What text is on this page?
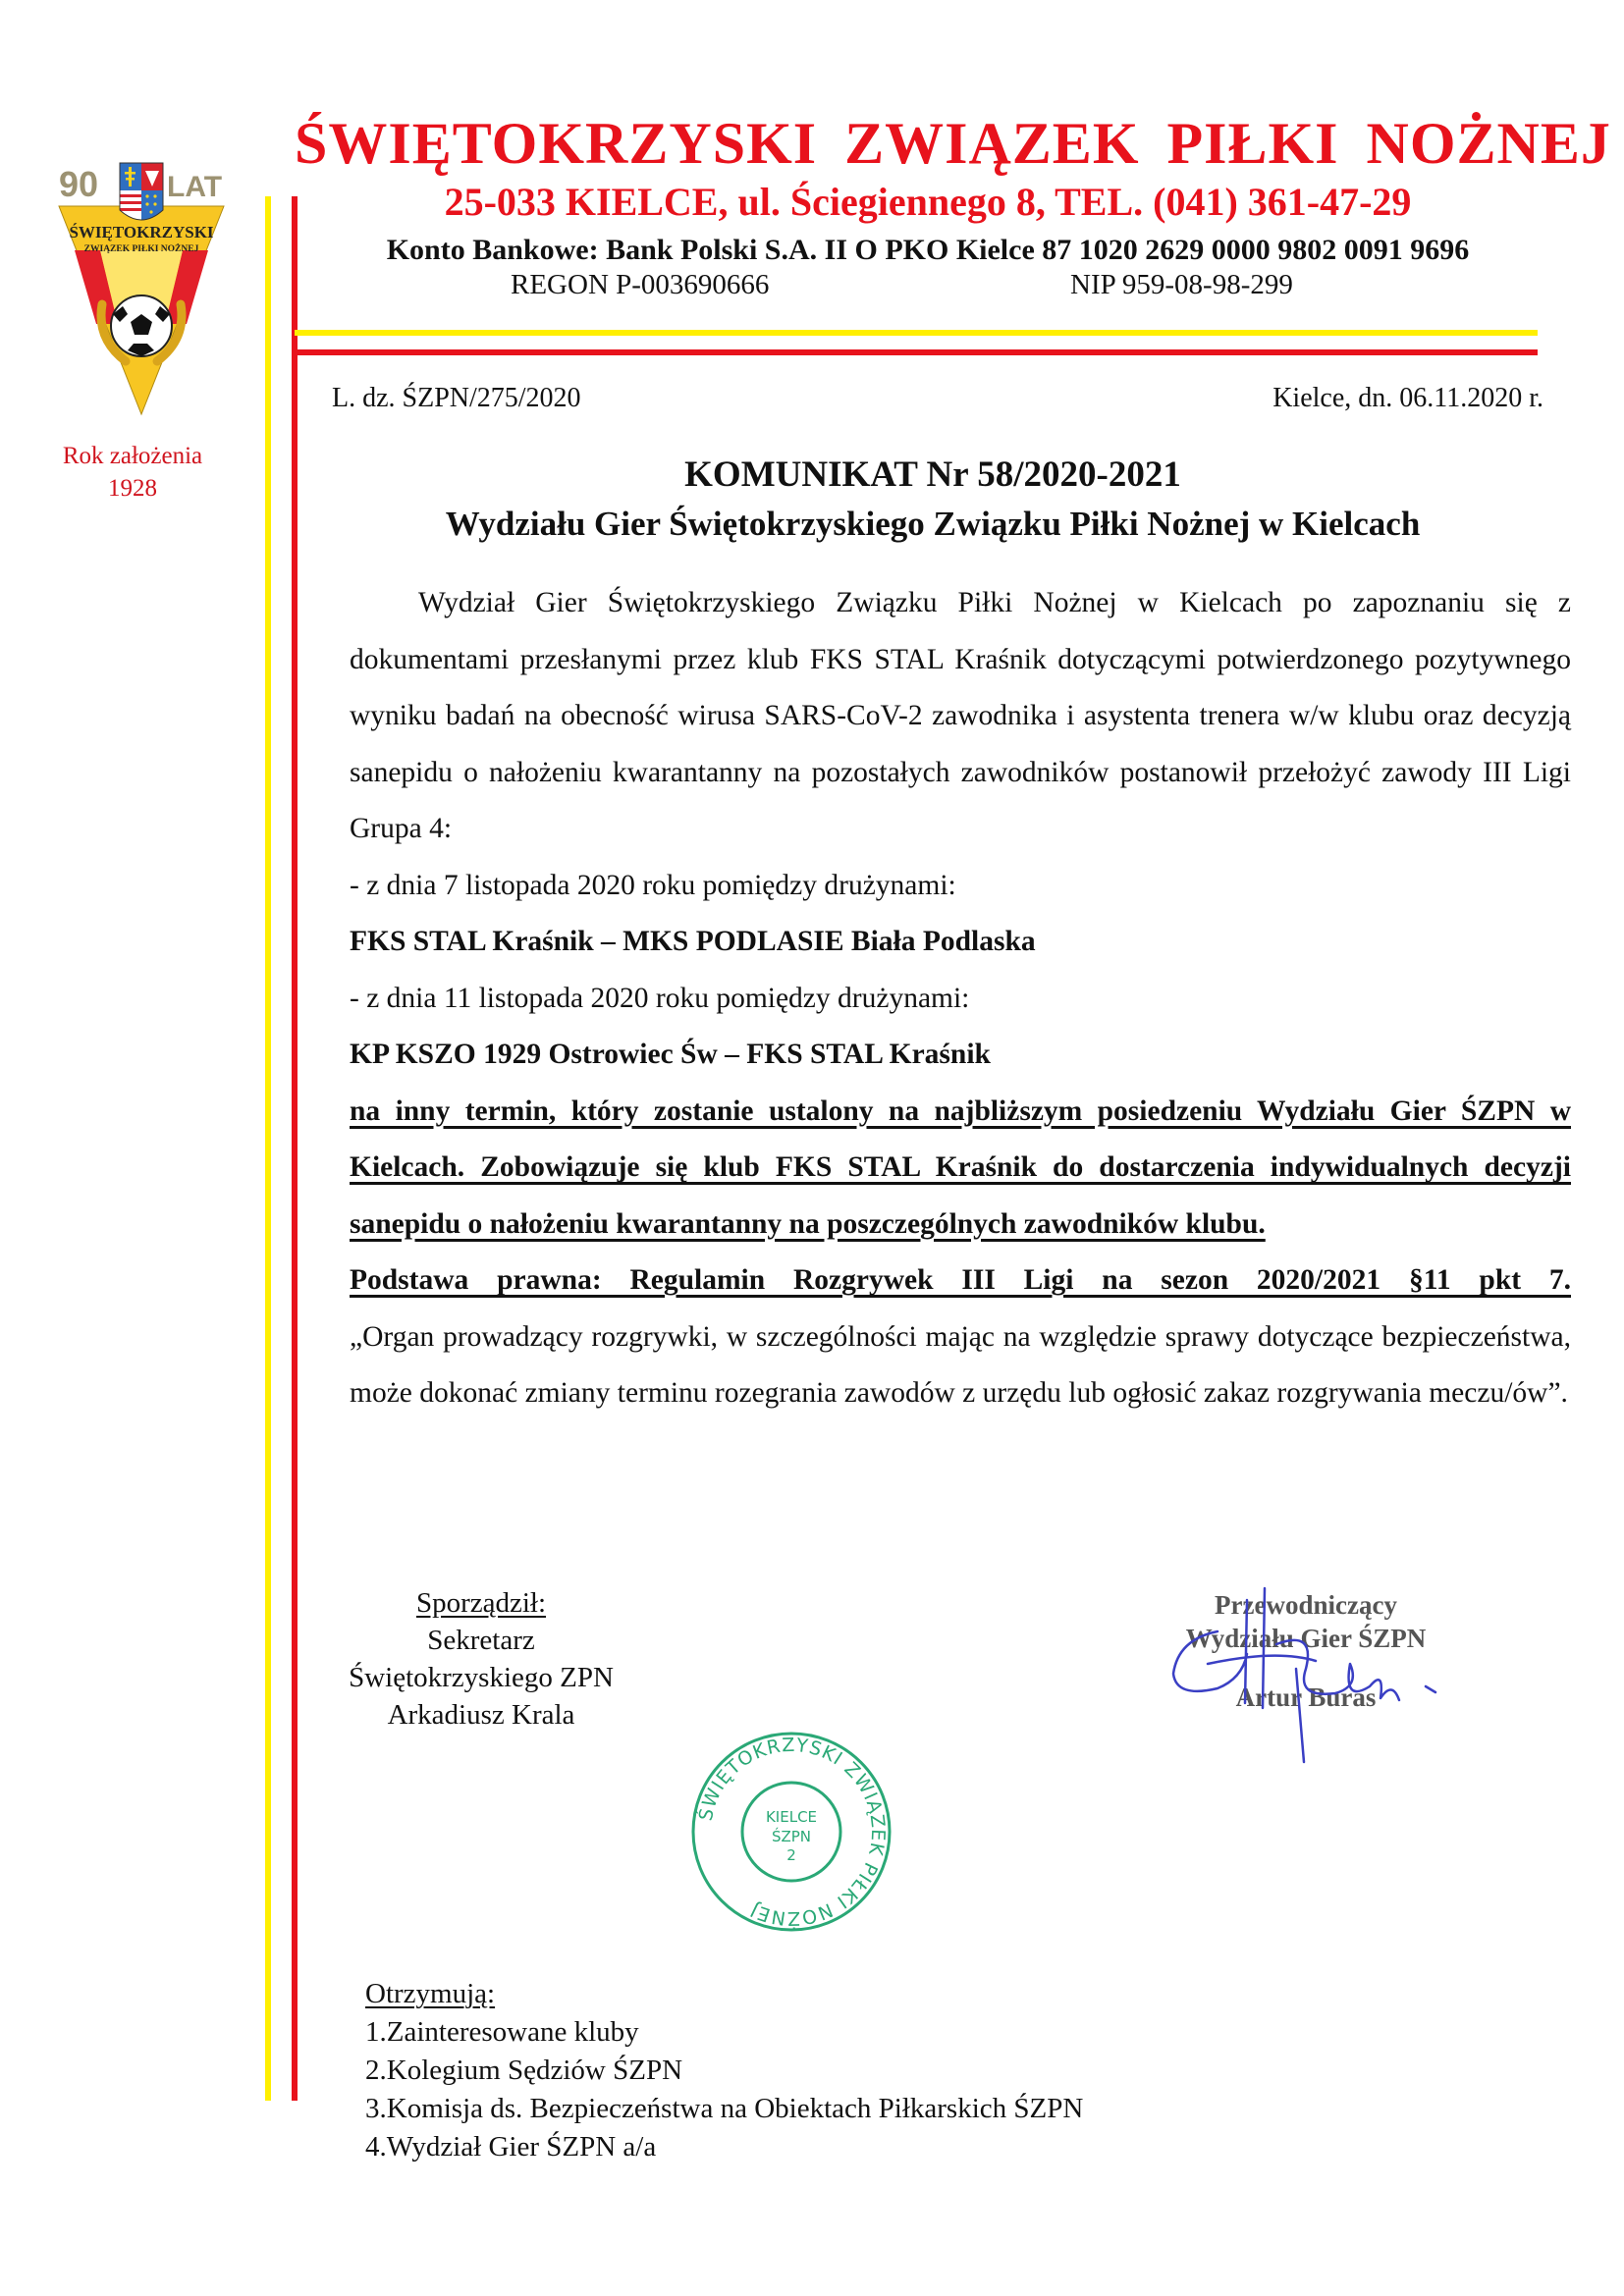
90 LAT
ŚWIĘTOKRZYSKI
ZWIĄZEK PIŁKI NOŻNEJ
Rok założenia
1928
ŚWIĘTOKRZYSKI ZWIĄZEK PIŁKI NOŻNEJ
25-033 KIELCE, ul. Ściegiennego 8, TEL. (041) 361-47-29
Konto Bankowe: Bank Polski S.A. II O PKO Kielce 87 1020 2629 0000 9802 0091 9696
REGON P-003690666	NIP 959-08-98-299
L. dz. ŚZPN/275/2020	Kielce, dn. 06.11.2020 r.
KOMUNIKAT Nr 58/2020-2021
Wydziału Gier Świętokrzyskiego Związku Piłki Nożnej w Kielcach

Wydział Gier Świętokrzyskiego Związku Piłki Nożnej w Kielcach po zapoznaniu się z dokumentami przesłanymi przez klub FKS STAL Kraśnik dotyczącymi potwierdzonego pozytywnego wyniku badań na obecność wirusa SARS-CoV-2 zawodnika i asystenta trenera w/w klubu oraz decyzją sanepidu o nałożeniu kwarantanny na pozostałych zawodników postanowił przełożyć zawody III Ligi Grupa 4:

- z dnia 7 listopada 2020 roku pomiędzy drużynami:

FKS STAL Kraśnik – MKS PODLASIE Biała Podlaska

- z dnia 11 listopada 2020 roku pomiędzy drużynami:

KP KSZO 1929 Ostrowiec Św – FKS STAL Kraśnik

na inny termin, który zostanie ustalony na najbliższym posiedzeniu Wydziału Gier ŚZPN w Kielcach. Zobowiązuje się klub FKS STAL Kraśnik do dostarczenia indywidualnych decyzji sanepidu o nałożeniu kwarantanny na poszczególnych zawodników klubu.

Podstawa prawna: Regulamin Rozgrywek III Ligi na sezon 2020/2021 §11 pkt 7.

„Organ prowadzący rozgrywki, w szczególności mając na względzie sprawy dotyczące bezpieczeństwa, może dokonać zmiany terminu rozegrania zawodów z urzędu lub ogłosić zakaz rozgrywania meczu/ów”.

Sporządził:
Sekretarz
Świętokrzyskiego ZPN
Arkadiusz Krala
Przewodniczący
Wydziału Gier ŚZPN
Artur Buras
ŚWIĘTOKRZYSKI ZWIĄZEK PIŁKI NOŻNEJ
KIELCE
ŚZPN
2
Otrzymują:
1.Zainteresowane kluby
2.Kolegium Sędziów ŚZPN
3.Komisja ds. Bezpieczeństwa na Obiektach Piłkarskich ŚZPN
4.Wydział Gier ŚZPN a/a
